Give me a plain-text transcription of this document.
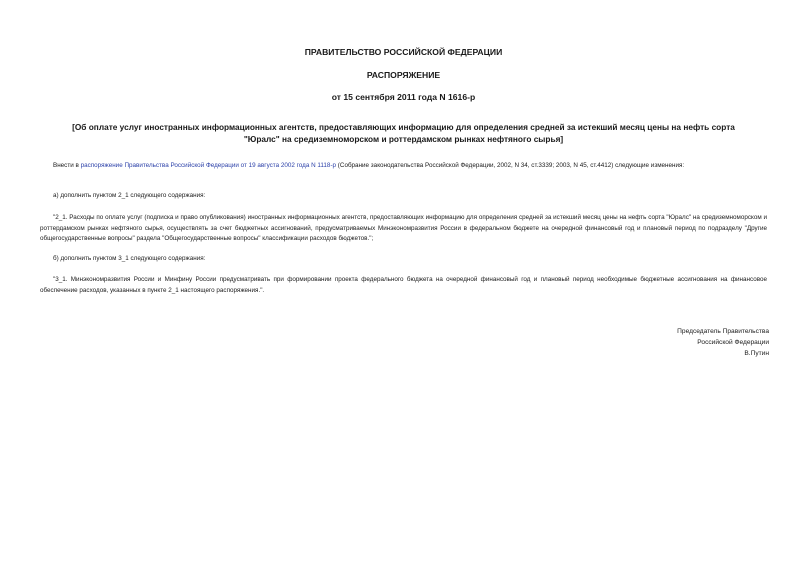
ПРАВИТЕЛЬСТВО РОССИЙСКОЙ ФЕДЕРАЦИИ
РАСПОРЯЖЕНИЕ
от 15 сентября 2011 года N 1616-р
[Об оплате услуг иностранных информационных агентств, предоставляющих информацию для определения средней за истекший месяц цены на нефть сорта
"Юралс" на средиземноморском и роттердамском рынках нефтяного сырья]
Внести в распоряжение Правительства Российской Федерации от 19 августа 2002 года N 1118-р (Собрание законодательства Российской Федерации, 2002, N 34, ст.3339; 2003, N 45, ст.4412) следующие изменения:
а) дополнить пунктом 2_1 следующего содержания:
"2_1. Расходы по оплате услуг (подписка и право опубликования) иностранных информационных агентств, предоставляющих информацию для определения средней за истекший месяц цены на нефть сорта "Юралс" на средиземноморском и роттердамском рынках нефтяного сырья, осуществлять за счет бюджетных ассигнований, предусматриваемых Минэкономразвития России в федеральном бюджете на очередной финансовый год и плановый период по подразделу "Другие общегосударственные вопросы" раздела "Общегосударственные вопросы" классификации расходов бюджетов.";
б) дополнить пунктом 3_1 следующего содержания:
"3_1. Минэкономразвития России и Минфину России предусматривать при формировании проекта федерального бюджета на очередной финансовый год и плановый период необходимые бюджетные ассигнования на финансовое обеспечение расходов, указанных в пункте 2_1 настоящего распоряжения.".
Председатель Правительства
Российской Федерации
В.Путин
